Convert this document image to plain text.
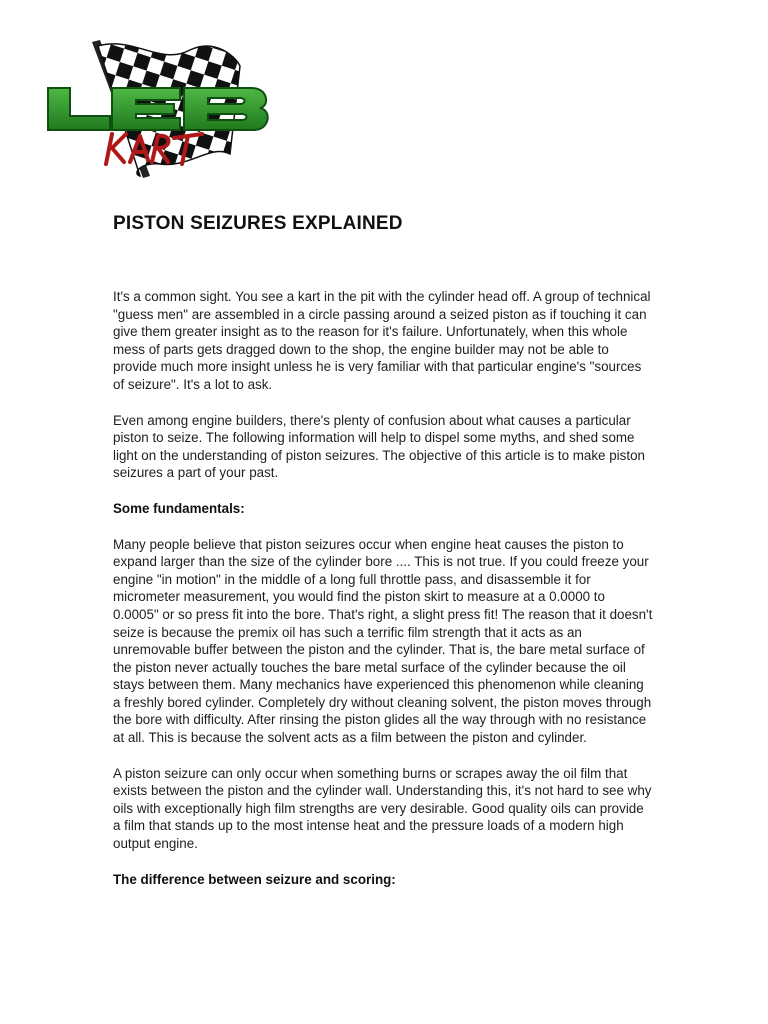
PISTON SEIZURES EXPLAINED

It's a common sight. You see a kart in the pit with the cylinder head off. A group of technical "guess men" are assembled in a circle passing around a seized piston as if touching it can give them greater insight as to the reason for it's failure. Unfortunately, when this whole mess of parts gets dragged down to the shop, the engine builder may not be able to provide much more insight unless he is very familiar with that particular engine's "sources of seizure". It's a lot to ask.

Even among engine builders, there's plenty of confusion about what causes a particular piston to seize. The following information will help to dispel some myths, and shed some light on the understanding of piston seizures. The objective of this article is to make piston seizures a part of your past.

Some fundamentals:

Many people believe that piston seizures occur when engine heat causes the piston to expand larger than the size of the cylinder bore .... This is not true. If you could freeze your engine "in motion" in the middle of a long full throttle pass, and disassemble it for micrometer measurement, you would find the piston skirt to measure at a 0.0000 to 0.0005" or so press fit into the bore. That's right, a slight press fit! The reason that it doesn't seize is because the premix oil has such a terrific film strength that it acts as an unremovable buffer between the piston and the cylinder. That is, the bare metal surface of the piston never actually touches the bare metal surface of the cylinder because the oil stays between them. Many mechanics have experienced this phenomenon while cleaning a freshly bored cylinder. Completely dry without cleaning solvent, the piston moves through the bore with difficulty. After rinsing the piston glides all the way through with no resistance at all. This is because the solvent acts as a film between the piston and cylinder.

A piston seizure can only occur when something burns or scrapes away the oil film that exists between the piston and the cylinder wall. Understanding this, it's not hard to see why oils with exceptionally high film strengths are very desirable. Good quality oils can provide a film that stands up to the most intense heat and the pressure loads of a modern high output engine.

The difference between seizure and scoring:
